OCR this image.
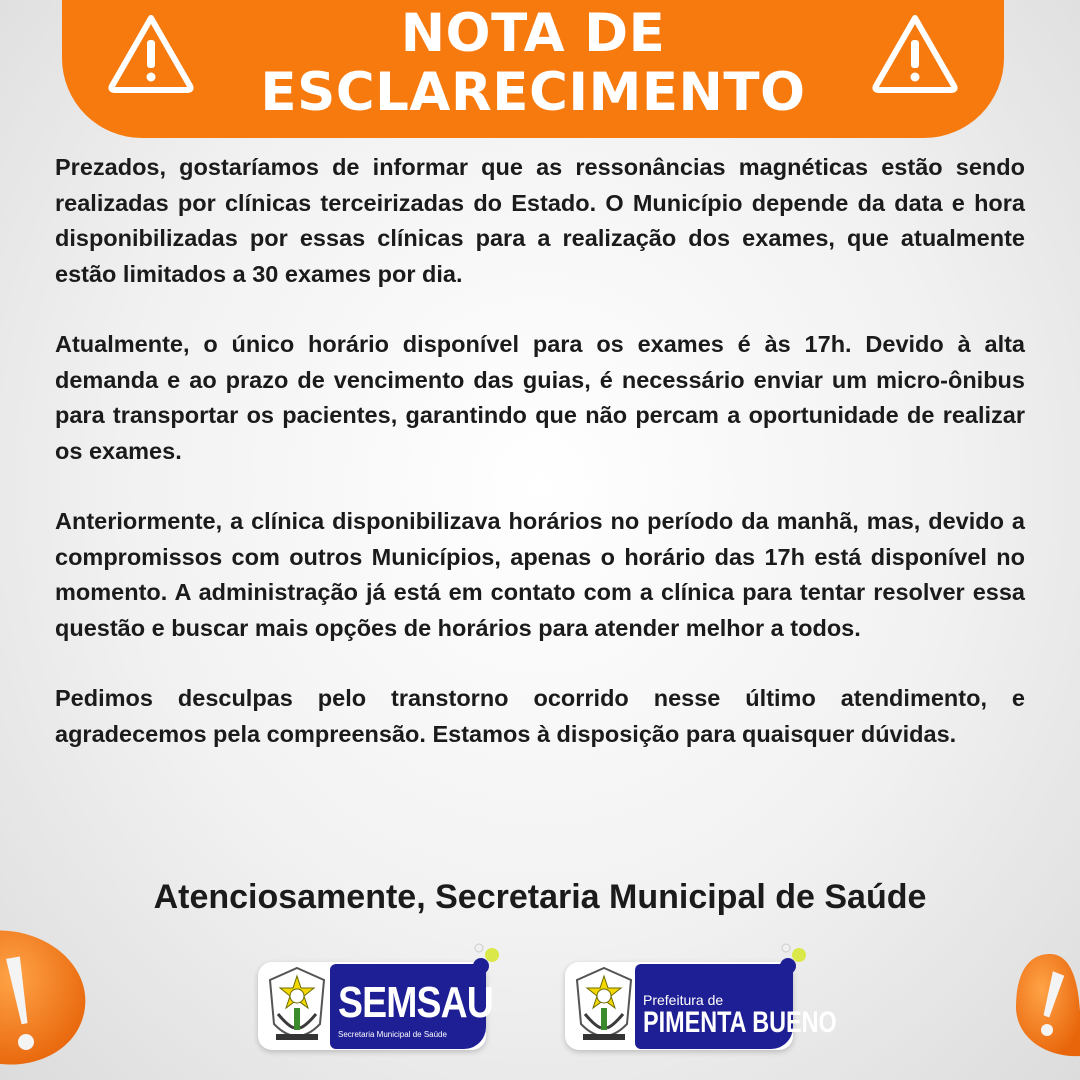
NOTA DE
ESCLARECIMENTO

Prezados, gostaríamos de informar que as ressonâncias magnéticas estão sendo realizadas por clínicas terceirizadas do Estado. O Município depende da data e hora disponibilizadas por essas clínicas para a realização dos exames, que atualmente estão limitados a 30 exames por dia.

Atualmente, o único horário disponível para os exames é às 17h. Devido à alta demanda e ao prazo de vencimento das guias, é necessário enviar um micro-ônibus para transportar os pacientes, garantindo que não percam a oportunidade de realizar os exames.

Anteriormente, a clínica disponibilizava horários no período da manhã, mas, devido a compromissos com outros Municípios, apenas o horário das 17h está disponível no momento. A administração já está em contato com a clínica para tentar resolver essa questão e buscar mais opções de horários para atender melhor a todos.

Pedimos desculpas pelo transtorno ocorrido nesse último atendimento, e agradecemos pela compreensão. Estamos à disposição para quaisquer dúvidas.

Atenciosamente, Secretaria Municipal de Saúde
SEMSAU
Secretaria Municipal de Saúde
Prefeitura de
PIMENTA BUENO
